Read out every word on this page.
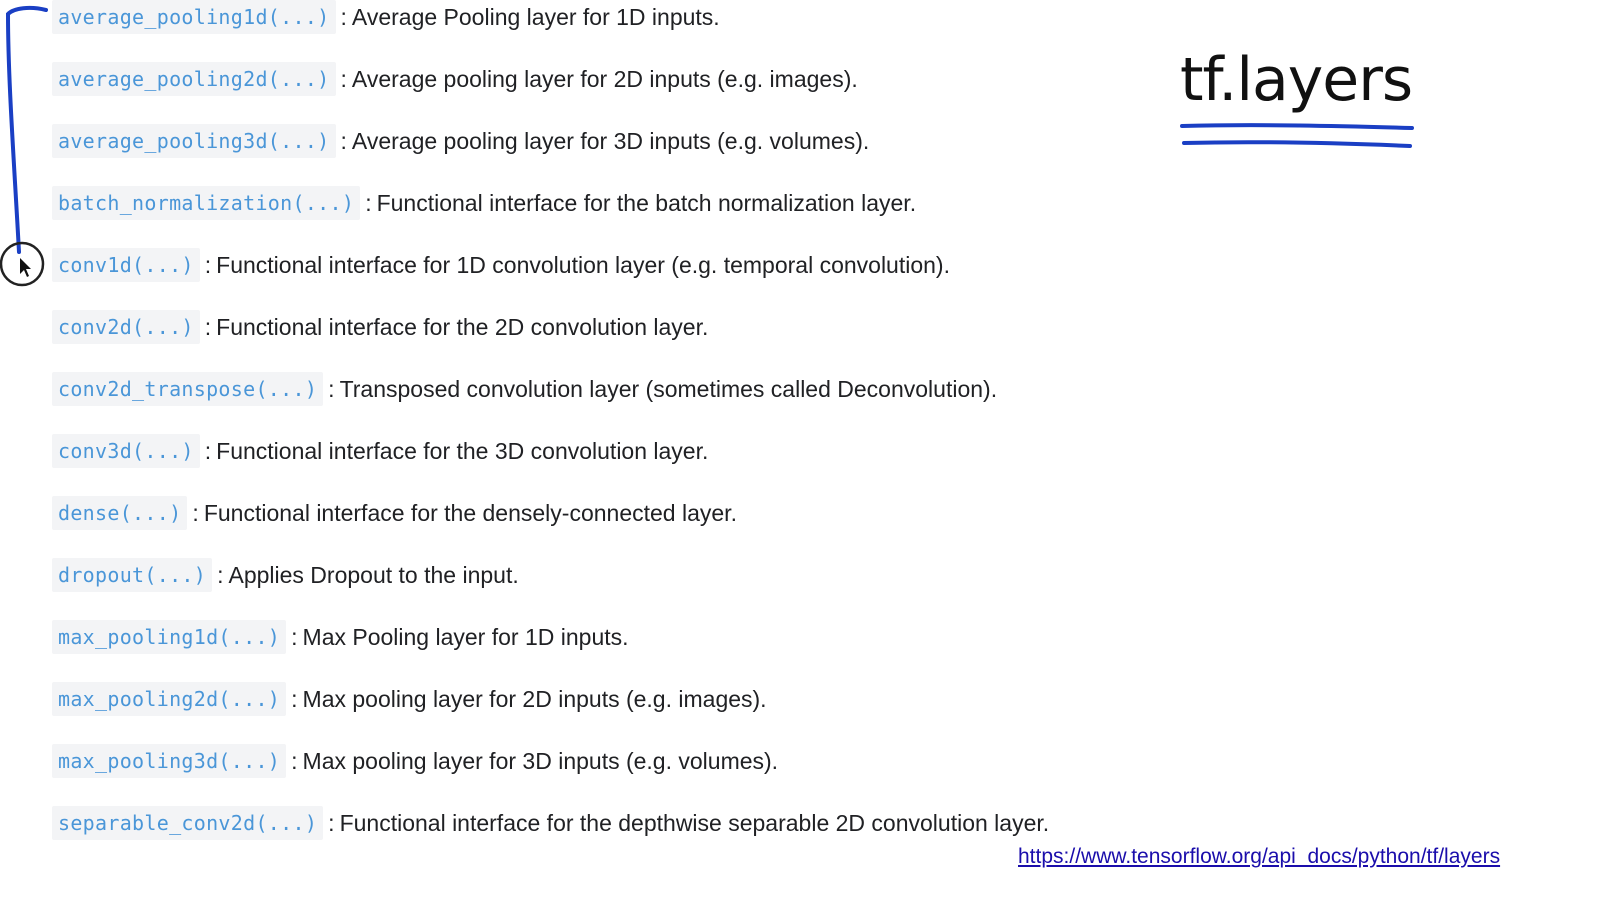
average_pooling1d(...) : Average Pooling layer for 1D inputs.
average_pooling2d(...) : Average pooling layer for 2D inputs (e.g. images).
average_pooling3d(...) : Average pooling layer for 3D inputs (e.g. volumes).
batch_normalization(...) : Functional interface for the batch normalization layer.
conv1d(...) : Functional interface for 1D convolution layer (e.g. temporal convolution).
conv2d(...) : Functional interface for the 2D convolution layer.
conv2d_transpose(...) : Transposed convolution layer (sometimes called Deconvolution).
conv3d(...) : Functional interface for the 3D convolution layer.
dense(...) : Functional interface for the densely-connected layer.
dropout(...) : Applies Dropout to the input.
max_pooling1d(...) : Max Pooling layer for 1D inputs.
max_pooling2d(...) : Max pooling layer for 2D inputs (e.g. images).
max_pooling3d(...) : Max pooling layer for 3D inputs (e.g. volumes).
separable_conv2d(...) : Functional interface for the depthwise separable 2D convolution layer.
tf.layers
https://www.tensorflow.org/api_docs/python/tf/layers
